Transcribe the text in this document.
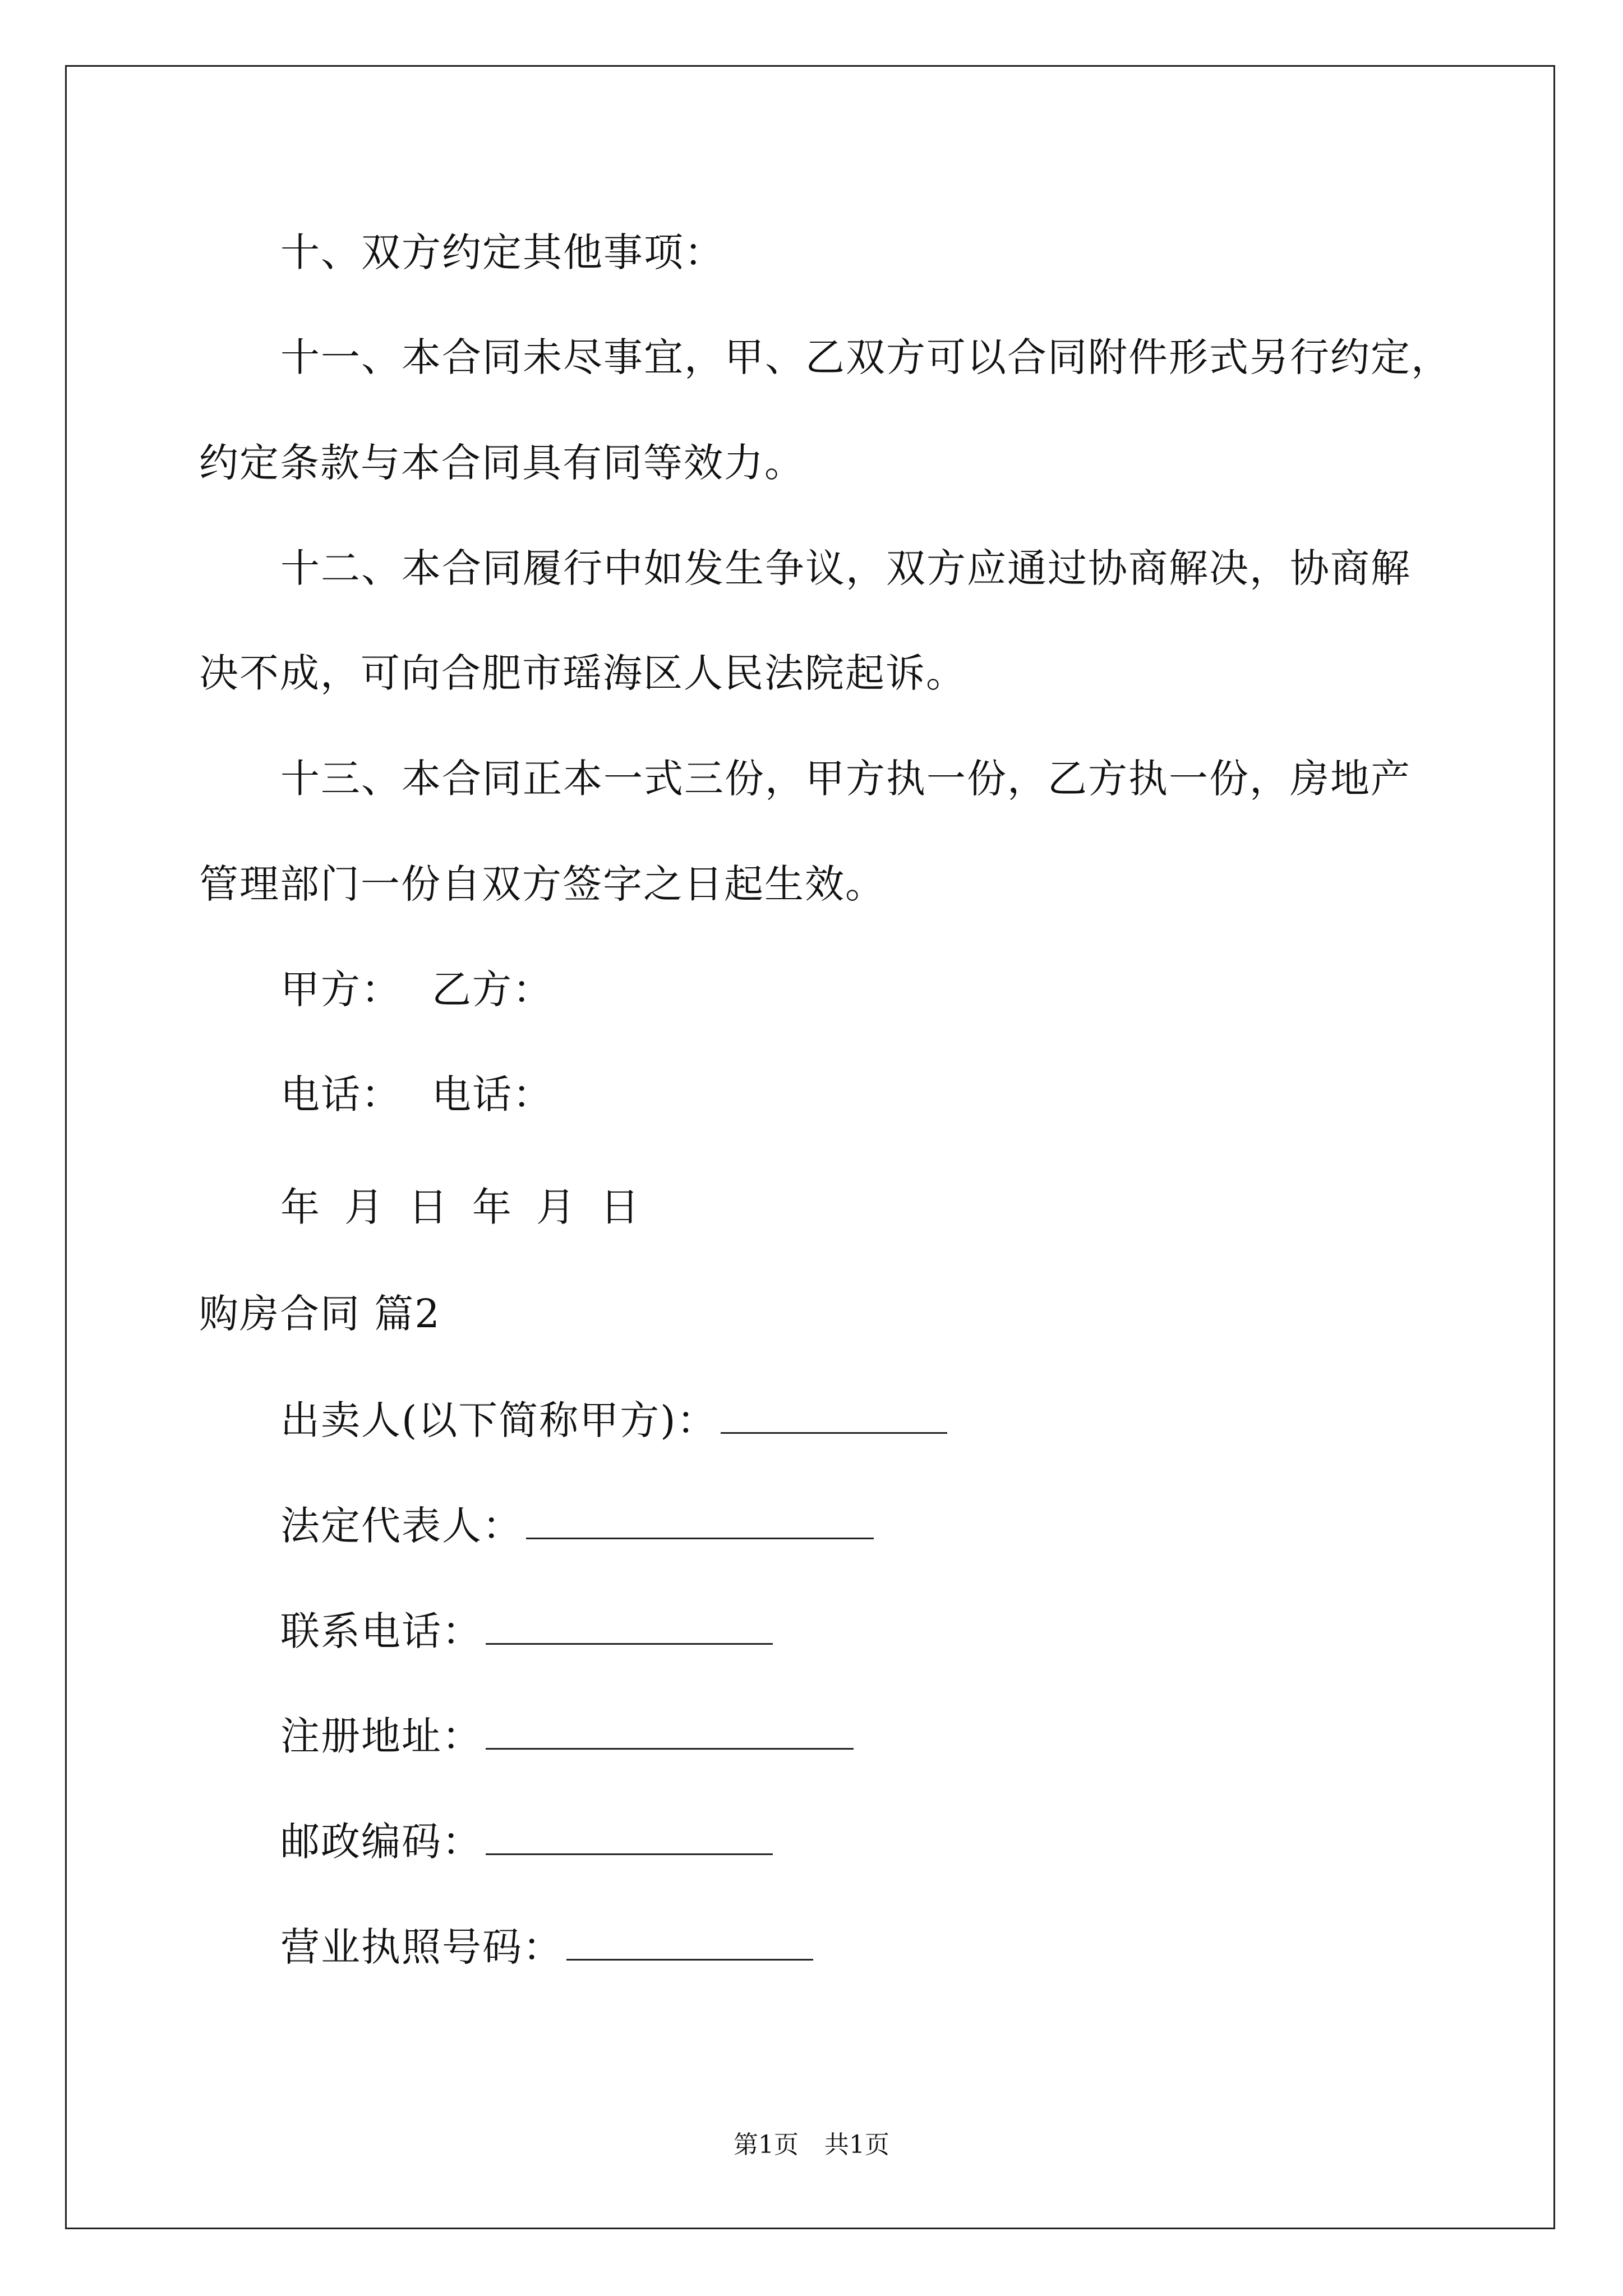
十、双方约定其他事项：
十一、本合同未尽事宜，甲、乙双方可以合同附件形式另行约定，
约定条款与本合同具有同等效力。
十二、本合同履行中如发生争议，双方应通过协商解决，协商解
决不成，可向合肥市瑶海区人民法院起诉。
十三、本合同正本一式三份，甲方执一份，乙方执一份，房地产
管理部门一份自双方签字之日起生效。
甲方： 乙方：
电话： 电话：
年 月 日 年 月 日
购房合同 篇2
出卖人(以下简称甲方)：
法定代表人：
联系电话：
注册地址：
邮政编码：
营业执照号码：
第1页 共1页
